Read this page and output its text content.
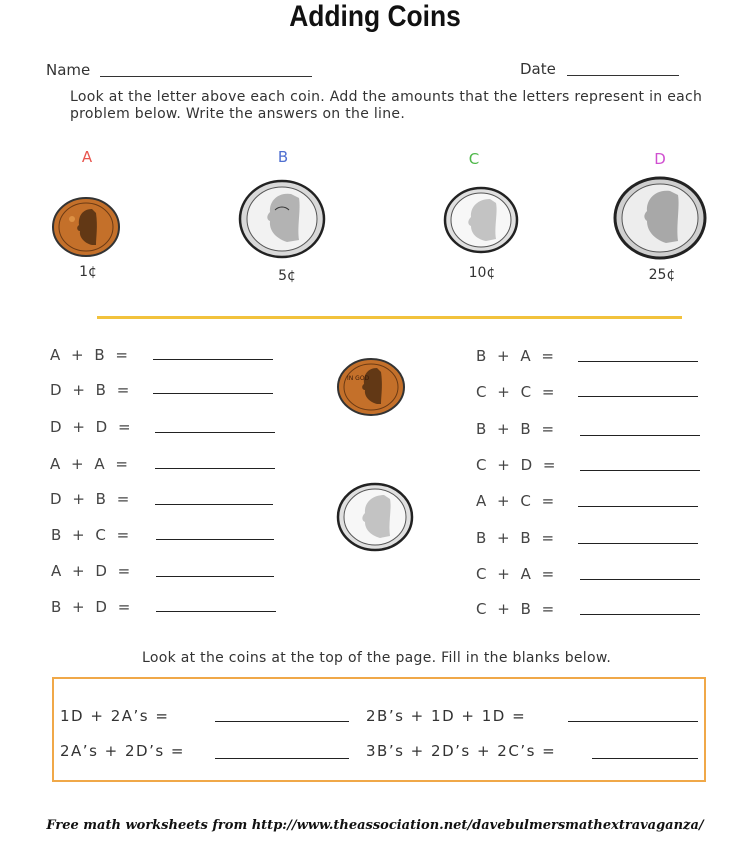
Adding Coins
Name	Date
Look at the letter above each coin. Add the amounts that the letters represent in each problem below. Write the answers on the line.
A	B	C	D
1¢	5¢	10¢	25¢
A + B =
D + B =
D + D =
A + A =
D + B =
B + C =
A + D =
B + D =
IN GOD
B + A =
C + C =
B + B =
C + D =
A + C =
B + B =
C + A =
C + B =
Look at the coins at the top of the page. Fill in the blanks below.
1D + 2A’s =	2B’s + 1D + 1D =
2A’s + 2D’s =	3B’s + 2D’s + 2C’s =
Free math worksheets from http://www.theassociation.net/davebulmersmathextravaganza/
